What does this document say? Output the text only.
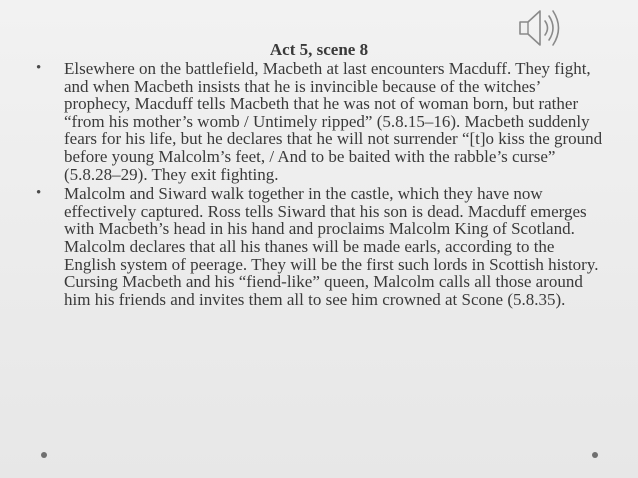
Act 5, scene 8
• Elsewhere on the battlefield, Macbeth at last encounters Macduff. They fight, and when Macbeth insists that he is invincible because of the witches’ prophecy, Macduff tells Macbeth that he was not of woman born, but rather “from his mother’s womb / Untimely ripped” (5.8.15–16). Macbeth suddenly fears for his life, but he declares that he will not surrender “[t]o kiss the ground before young Malcolm’s feet, / And to be baited with the rabble’s curse” (5.8.28–29). They exit fighting.
• Malcolm and Siward walk together in the castle, which they have now effectively captured. Ross tells Siward that his son is dead. Macduff emerges with Macbeth’s head in his hand and proclaims Malcolm King of Scotland. Malcolm declares that all his thanes will be made earls, according to the English system of peerage. They will be the first such lords in Scottish history. Cursing Macbeth and his “fiend-like” queen, Malcolm calls all those around him his friends and invites them all to see him crowned at Scone (5.8.35).
